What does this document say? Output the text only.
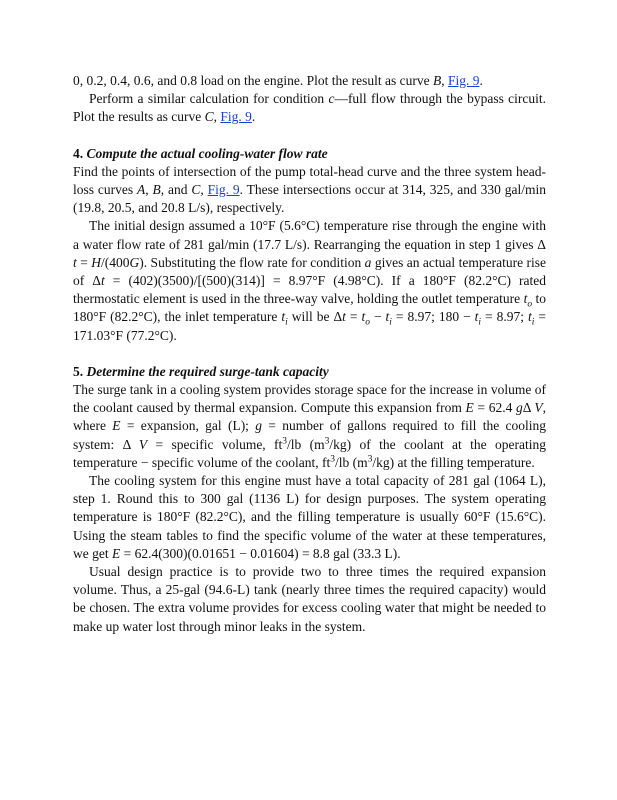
0, 0.2, 0.4, 0.6, and 0.8 load on the engine. Plot the result as curve B, Fig. 9.

Perform a similar calculation for condition c—full flow through the bypass circuit. Plot the results as curve C, Fig. 9.

4. Compute the actual cooling-water flow rate

Find the points of intersection of the pump total-head curve and the three system head-loss curves A, B, and C, Fig. 9. These intersections occur at 314, 325, and 330 gal/min (19.8, 20.5, and 20.8 L/s), respectively.

The initial design assumed a 10°F (5.6°C) temperature rise through the engine with a water flow rate of 281 gal/min (17.7 L/s). Rearranging the equation in step 1 gives Δ t = H/(400G). Substituting the flow rate for condition a gives an actual temperature rise of Δt = (402)(3500)/[(500)(314)] = 8.97°F (4.98°C). If a 180°F (82.2°C) rated thermostatic element is used in the three-way valve, holding the outlet temperature $t_o$ to 180°F (82.2°C), the inlet temperature $t_i$ will be $\Delta t = t_o - t_i = 8.97$; $180 - t_i = 8.97$; $t_i = 171.03^\circ F$ (77.2°C).

5. Determine the required surge-tank capacity

The surge tank in a cooling system provides storage space for the increase in volume of the coolant caused by thermal expansion. Compute this expansion from E = 62.4 gΔ V, where E = expansion, gal (L); g = number of gallons required to fill the cooling system: Δ V = specific volume, $ft^3/lb$ $(m^3/kg)$ of the coolant at the operating temperature − specific volume of the coolant, $ft^3/lb$ $(m^3/kg)$ at the filling temperature.

The cooling system for this engine must have a total capacity of 281 gal (1064 L), step 1. Round this to 300 gal (1136 L) for design purposes. The system operating temperature is 180°F (82.2°C), and the filling temperature is usually 60°F (15.6°C). Using the steam tables to find the specific volume of the water at these temperatures, we get E = 62.4(300)(0.01651 − 0.01604) = 8.8 gal (33.3 L).

Usual design practice is to provide two to three times the required expansion volume. Thus, a 25-gal (94.6-L) tank (nearly three times the required capacity) would be chosen. The extra volume provides for excess cooling water that might be needed to make up water lost through minor leaks in the system.
